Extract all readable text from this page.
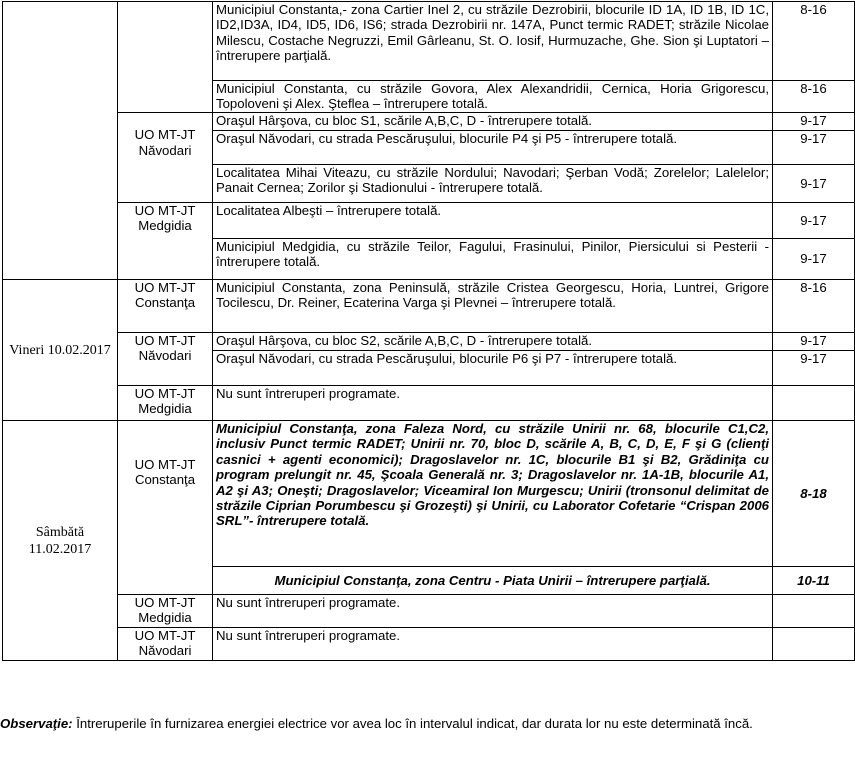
		Municipiul Constanta,- zona Cartier Inel 2, cu străzile Dezrobirii, blocurile ID 1A, ID 1B, ID 1C, ID2,ID3A, ID4, ID5, ID6, IS6; strada Dezrobirii nr. 147A, Punct termic RADET; străzile Nicolae Milescu, Costache Negruzzi, Emil Gârleanu, St. O. Iosif, Hurmuzache, Ghe. Sion şi Luptatori – întrerupere parţială.	8-16
		Municipiul Constanta, cu străzile Govora, Alex Alexandridii, Cernica, Horia Grigorescu, Topoloveni şi Alex. Şteflea – întrerupere totală.	8-16
	UO MT-JT Năvodari	Oraşul Hârşova, cu bloc S1, scările A,B,C, D - întrerupere totală.	9-17
		Oraşul Năvodari, cu strada Pescăruşului, blocurile P4 şi P5 - întrerupere totală.	9-17
		Localitatea Mihai Viteazu, cu străzile Nordului; Navodari; Şerban Vodă; Zorelelor; Lalelelor; Panait Cernea; Zorilor şi Stadionului - întrerupere totală.	9-17
	UO MT-JT Medgidia	Localitatea Albeşti – întrerupere totală.	9-17
		Municipiul Medgidia, cu străzile Teilor, Fagului, Frasinului, Pinilor, Piersicului si Pesterii - întrerupere totală.	9-17
Vineri 10.02.2017	UO MT-JT Constanţa	Municipiul Constanta, zona Peninsulă, străzile Cristea Georgescu, Horia, Luntrei, Grigore Tocilescu, Dr. Reiner, Ecaterina Varga şi Plevnei – întrerupere totală.	8-16
	UO MT-JT Năvodari	Oraşul Hârşova, cu bloc S2, scările A,B,C, D - întrerupere totală.	9-17
		Oraşul Năvodari, cu strada Pescăruşului, blocurile P6 şi P7 - întrerupere totală.	9-17
	UO MT-JT Medgidia	Nu sunt întreruperi programate.	
Sâmbătă 11.02.2017	UO MT-JT Constanţa	Municipiul Constanţa, zona Faleza Nord, cu străzile Unirii nr. 68, blocurile C1,C2, inclusiv Punct termic RADET; Unirii nr. 70, bloc D, scările A, B, C, D, E, F şi G (clienţi casnici + agenti economici); Dragoslavelor nr. 1C, blocurile B1 şi B2, Grădiniţa cu program prelungit nr. 45, Şcoala Generală nr. 3; Dragoslavelor nr. 1A-1B, blocurile A1, A2 şi A3; Oneşti; Dragoslavelor; Viceamiral Ion Murgescu; Unirii (tronsonul delimitat de străzile Ciprian Porumbescu şi Grozeşti) şi Unirii, cu Laborator Cofetarie “Crispan 2006 SRL”- întrerupere totală.	8-18
		Municipiul Constanţa, zona Centru - Piata Unirii – întrerupere parţială.	10-11
	UO MT-JT Medgidia	Nu sunt întreruperi programate.	
	UO MT-JT Năvodari	Nu sunt întreruperi programate.	
Observaţie: Întreruperile în furnizarea energiei electrice vor avea loc în intervalul indicat, dar durata lor nu este determinată încă.
